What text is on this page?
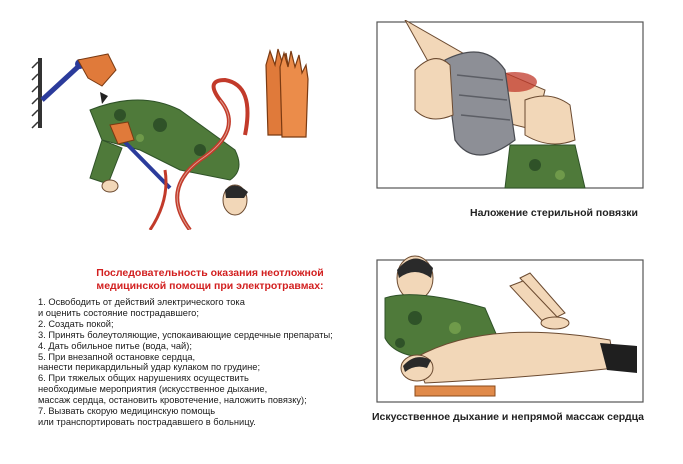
Наложение стерильной повязки
Последовательность оказания неотложной
медицинской помощи при электротравмах:
1. Освободить от действий электрического тока
и оценить состояние пострадавшего;
2. Создать покой;
3. Принять болеутоляющие, успокаивающие сердечные препараты;
4. Дать обильное питье (вода, чай);
5. При внезапной остановке сердца,
нанести перикардильный удар кулаком по грудине;
6. При тяжелых общих нарушениях осуществить
необходимые мероприятия (искусственное дыхание,
массаж сердца, остановить кровотечение, наложить повязку);
7. Вызвать скорую медицинскую помощь
или транспортировать пострадавшего в больницу.	Искусственное дыхание и непрямой массаж сердца
